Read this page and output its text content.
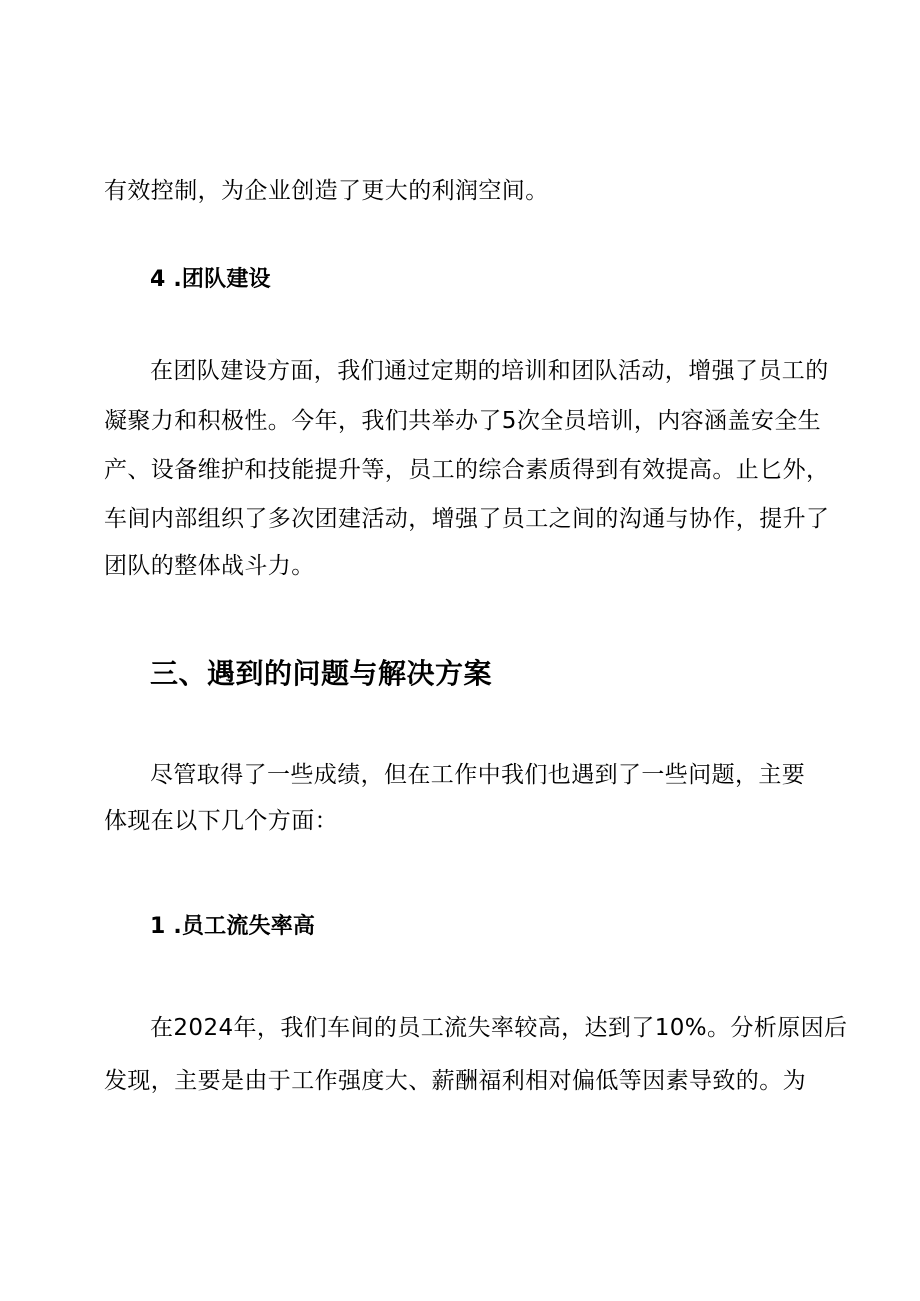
有效控制，为企业创造了更大的利润空间。
4 .团队建设
在团队建设方面，我们通过定期的培训和团队活动，增强了员工的
凝聚力和积极性。今年，我们共举办了5次全员培训，内容涵盖安全生
产、设备维护和技能提升等，员工的综合素质得到有效提高。止匕外，
车间内部组织了多次团建活动，增强了员工之间的沟通与协作，提升了
团队的整体战斗力。
三、遇到的问题与解决方案
尽管取得了一些成绩，但在工作中我们也遇到了一些问题，主要
体现在以下几个方面：
1 .员工流失率高
在2024年，我们车间的员工流失率较高，达到了10%。分析原因后
发现，主要是由于工作强度大、薪酬福利相对偏低等因素导致的。为
